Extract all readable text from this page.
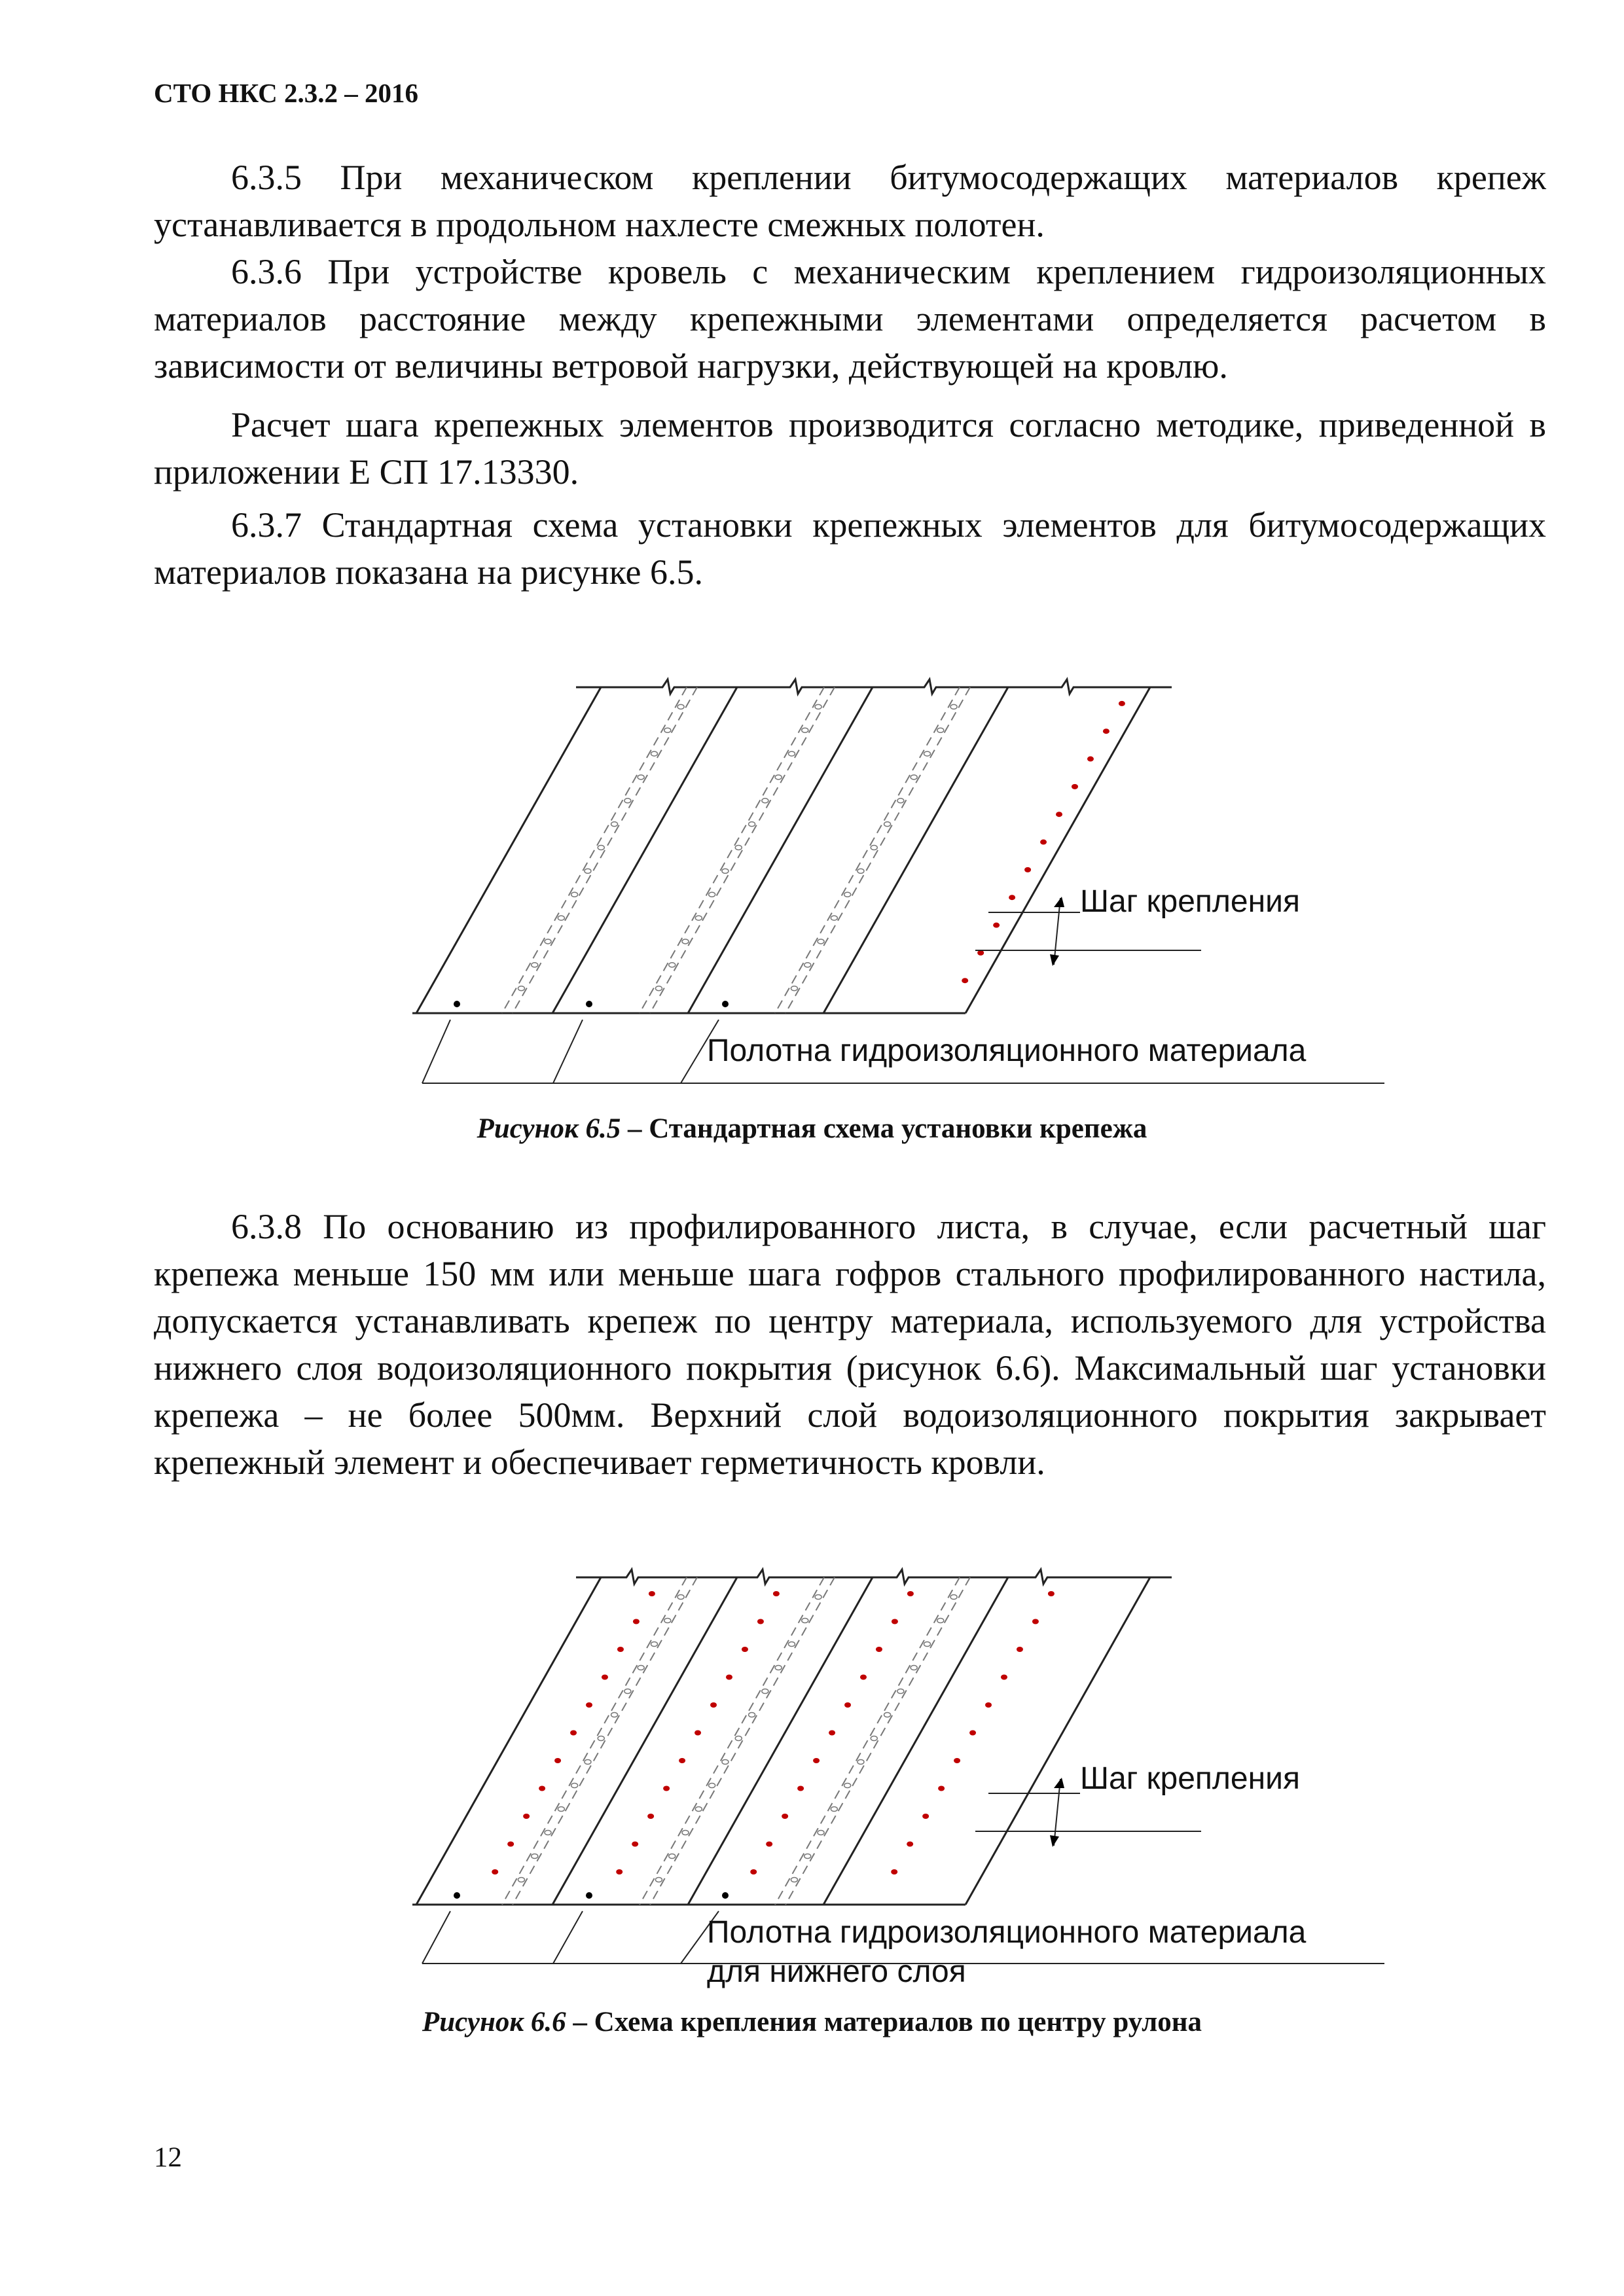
СТО НКС 2.3.2 – 2016

6.3.5 При механическом креплении битумосодержащих материалов крепеж устанавливается в продольном нахлесте смежных полотен.

6.3.6 При устройстве кровель с механическим креплением гидроизоляционных материалов расстояние между крепежными элементами определяется расчетом в зависимости от величины ветровой нагрузки, действующей на кровлю.

Расчет шага крепежных элементов производится согласно методике, приведенной в приложении Е СП 17.13330.

6.3.7 Стандартная схема установки крепежных элементов для битумосодержащих материалов показана на рисунке 6.5.

Шаг крепления
Полотна гидроизоляционного материала
Рисунок 6.5 – Стандартная схема установки крепежа

6.3.8 По основанию из профилированного листа, в случае, если расчетный шаг крепежа меньше 150 мм или меньше шага гофров стального профилированного настила, допускается устанавливать крепеж по центру материала, используемого для устройства нижнего слоя водоизоляционного покрытия (рисунок 6.6). Максимальный шаг установки крепежа – не более 500мм. Верхний слой водоизоляционного покрытия закрывает крепежный элемент и обеспечивает герметичность кровли.

Шаг крепления
Полотна гидроизоляционного материала
для нижнего слоя
Рисунок 6.6 – Схема крепления материалов по центру рулона
12
